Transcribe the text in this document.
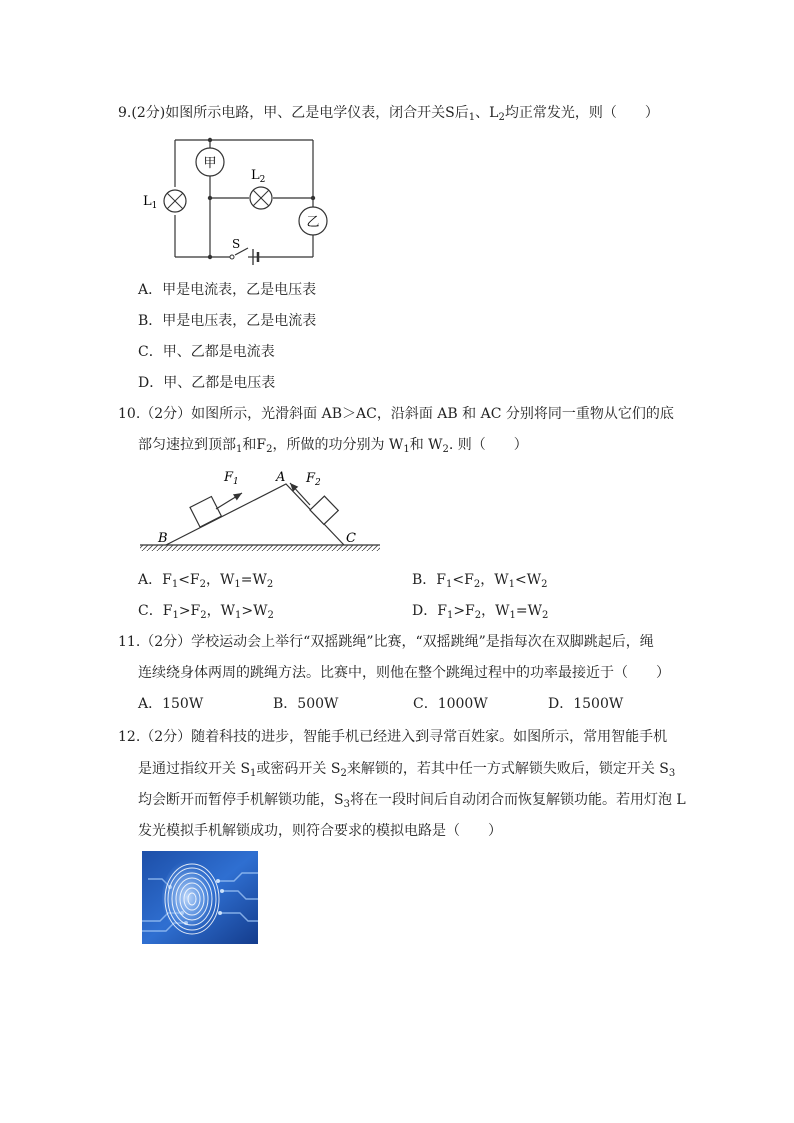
9.(2分)如图所示电路，甲、乙是电学仪表，闭合开关S后$_1$、$L_2$均正常发光，则（　　）
甲
乙
$L_1$
$L_2$
S
A．甲是电流表，乙是电压表
B．甲是电压表，乙是电流表
C．甲、乙都是电流表
D．甲、乙都是电压表
10.（2分）如图所示，光滑斜面 AB＞AC，沿斜面 AB 和 AC 分别将同一重物从它们的底
部匀速拉到顶部$_1$和$F_2$，所做的功分别为 $W_1$和 $W_2$. 则（　　）
A
B	C
$F_1$	$F_2$
A．$F_1<F_2$，$W_1=W_2$	B．$F_1<F_2$，$W_1<W_2$
C．$F_1>F_2$，$W_1>W_2$	D．$F_1>F_2$，$W_1=W_2$
11.（2分）学校运动会上举行“双摇跳绳”比赛，“双摇跳绳”是指每次在双脚跳起后，绳
连续绕身体两周的跳绳方法。比赛中，则他在整个跳绳过程中的功率最接近于（　　）
A．150W	B．500W	C．1000W	D．1500W
12.（2分）随着科技的进步，智能手机已经进入到寻常百姓家。如图所示，常用智能手机
是通过指纹开关 $S_1$或密码开关 $S_2$来解锁的，若其中任一方式解锁失败后，锁定开关 $S_3$
均会断开而暂停手机解锁功能，$S_3$将在一段时间后自动闭合而恢复解锁功能。若用灯泡 L
发光模拟手机解锁成功，则符合要求的模拟电路是（　　）
